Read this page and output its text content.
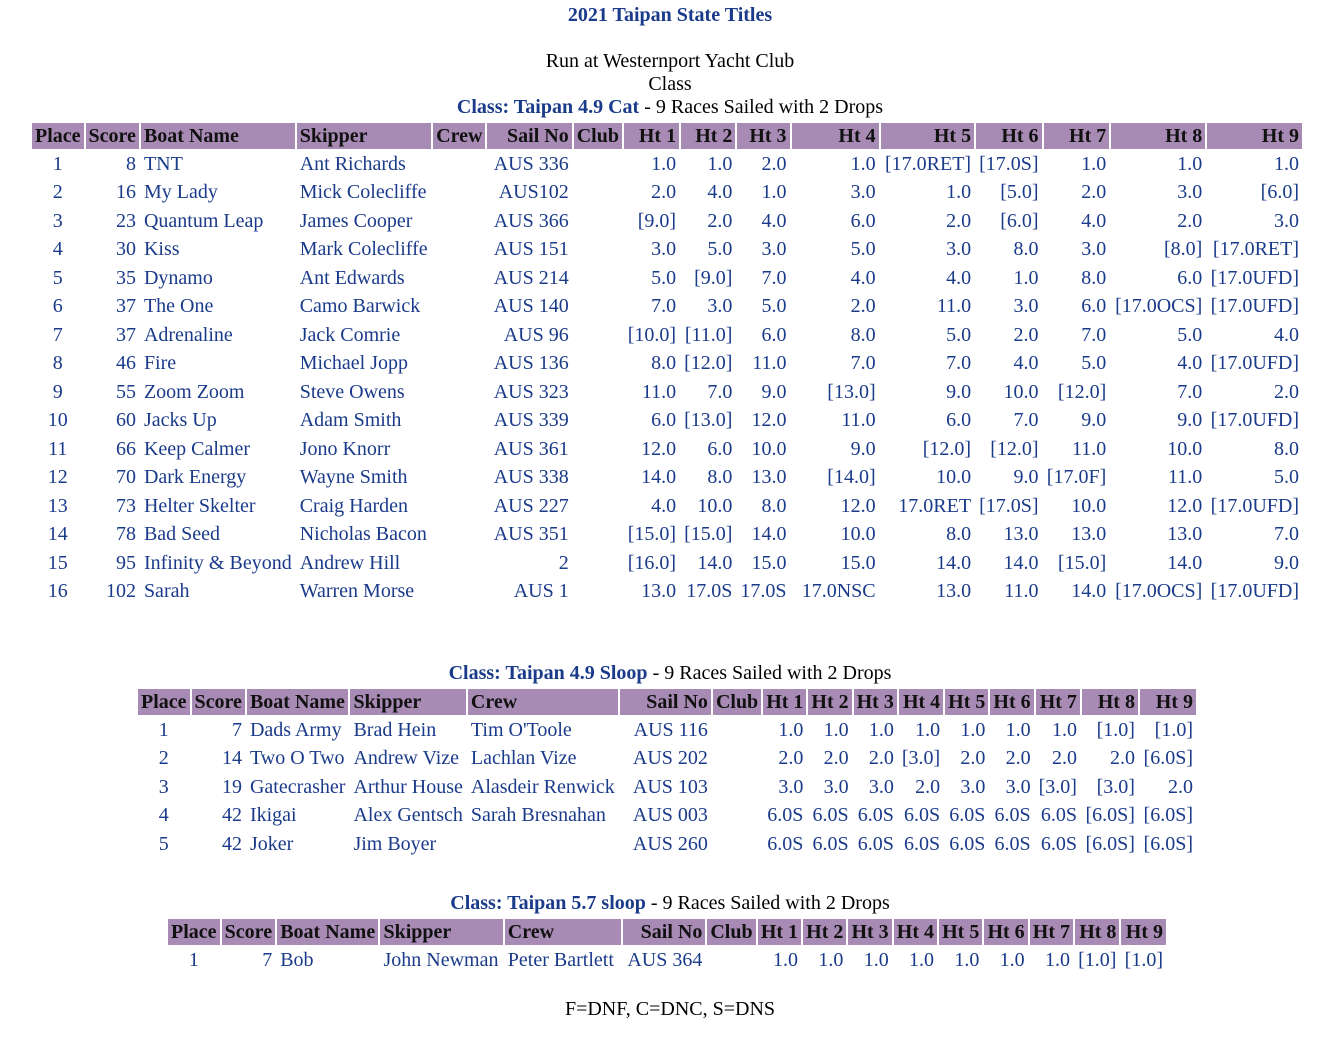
2021 Taipan State Titles
Run at Westernport Yacht Club
Class
Class: Taipan 4.9 Cat - 9 Races Sailed with 2 Drops
Place	Score	Boat Name	Skipper	Crew	Sail No	Club	Ht 1	Ht 2	Ht 3	Ht 4	Ht 5	Ht 6	Ht 7	Ht 8	Ht 9
1	8	TNT	Ant Richards		AUS 336		1.0	1.0	2.0	1.0	[17.0RET]	[17.0S]	1.0	1.0	1.0
2	16	My Lady	Mick Colecliffe		AUS102		2.0	4.0	1.0	3.0	1.0	[5.0]	2.0	3.0	[6.0]
3	23	Quantum Leap	James Cooper		AUS 366		[9.0]	2.0	4.0	6.0	2.0	[6.0]	4.0	2.0	3.0
4	30	Kiss	Mark Colecliffe		AUS 151		3.0	5.0	3.0	5.0	3.0	8.0	3.0	[8.0]	[17.0RET]
5	35	Dynamo	Ant Edwards		AUS 214		5.0	[9.0]	7.0	4.0	4.0	1.0	8.0	6.0	[17.0UFD]
6	37	The One	Camo Barwick		AUS 140		7.0	3.0	5.0	2.0	11.0	3.0	6.0	[17.0OCS]	[17.0UFD]
7	37	Adrenaline	Jack Comrie		AUS 96		[10.0]	[11.0]	6.0	8.0	5.0	2.0	7.0	5.0	4.0
8	46	Fire	Michael Jopp		AUS 136		8.0	[12.0]	11.0	7.0	7.0	4.0	5.0	4.0	[17.0UFD]
9	55	Zoom Zoom	Steve Owens		AUS 323		11.0	7.0	9.0	[13.0]	9.0	10.0	[12.0]	7.0	2.0
10	60	Jacks Up	Adam Smith		AUS 339		6.0	[13.0]	12.0	11.0	6.0	7.0	9.0	9.0	[17.0UFD]
11	66	Keep Calmer	Jono Knorr		AUS 361		12.0	6.0	10.0	9.0	[12.0]	[12.0]	11.0	10.0	8.0
12	70	Dark Energy	Wayne Smith		AUS 338		14.0	8.0	13.0	[14.0]	10.0	9.0	[17.0F]	11.0	5.0
13	73	Helter Skelter	Craig Harden		AUS 227		4.0	10.0	8.0	12.0	17.0RET	[17.0S]	10.0	12.0	[17.0UFD]
14	78	Bad Seed	Nicholas Bacon		AUS 351		[15.0]	[15.0]	14.0	10.0	8.0	13.0	13.0	13.0	7.0
15	95	Infinity & Beyond	Andrew Hill		2		[16.0]	14.0	15.0	15.0	14.0	14.0	[15.0]	14.0	9.0
16	102	Sarah	Warren Morse		AUS 1		13.0	17.0S	17.0S	17.0NSC	13.0	11.0	14.0	[17.0OCS]	[17.0UFD]
Class: Taipan 4.9 Sloop - 9 Races Sailed with 2 Drops
Place	Score	Boat Name	Skipper	Crew	Sail No	Club	Ht 1	Ht 2	Ht 3	Ht 4	Ht 5	Ht 6	Ht 7	Ht 8	Ht 9
1	7	Dads Army	Brad Hein	Tim O'Toole	AUS 116		1.0	1.0	1.0	1.0	1.0	1.0	1.0	[1.0]	[1.0]
2	14	Two O Two	Andrew Vize	Lachlan Vize	AUS 202		2.0	2.0	2.0	[3.0]	2.0	2.0	2.0	2.0	[6.0S]
3	19	Gatecrasher	Arthur House	Alasdeir Renwick	AUS 103		3.0	3.0	3.0	2.0	3.0	3.0	[3.0]	[3.0]	2.0
4	42	Ikigai	Alex Gentsch	Sarah Bresnahan	AUS 003		6.0S	6.0S	6.0S	6.0S	6.0S	6.0S	6.0S	[6.0S]	[6.0S]
5	42	Joker	Jim Boyer		AUS 260		6.0S	6.0S	6.0S	6.0S	6.0S	6.0S	6.0S	[6.0S]	[6.0S]
Class: Taipan 5.7 sloop - 9 Races Sailed with 2 Drops
Place	Score	Boat Name	Skipper	Crew	Sail No	Club	Ht 1	Ht 2	Ht 3	Ht 4	Ht 5	Ht 6	Ht 7	Ht 8	Ht 9
1	7	Bob	John Newman	Peter Bartlett	AUS 364		1.0	1.0	1.0	1.0	1.0	1.0	1.0	[1.0]	[1.0]
F=DNF, C=DNC, S=DNS
